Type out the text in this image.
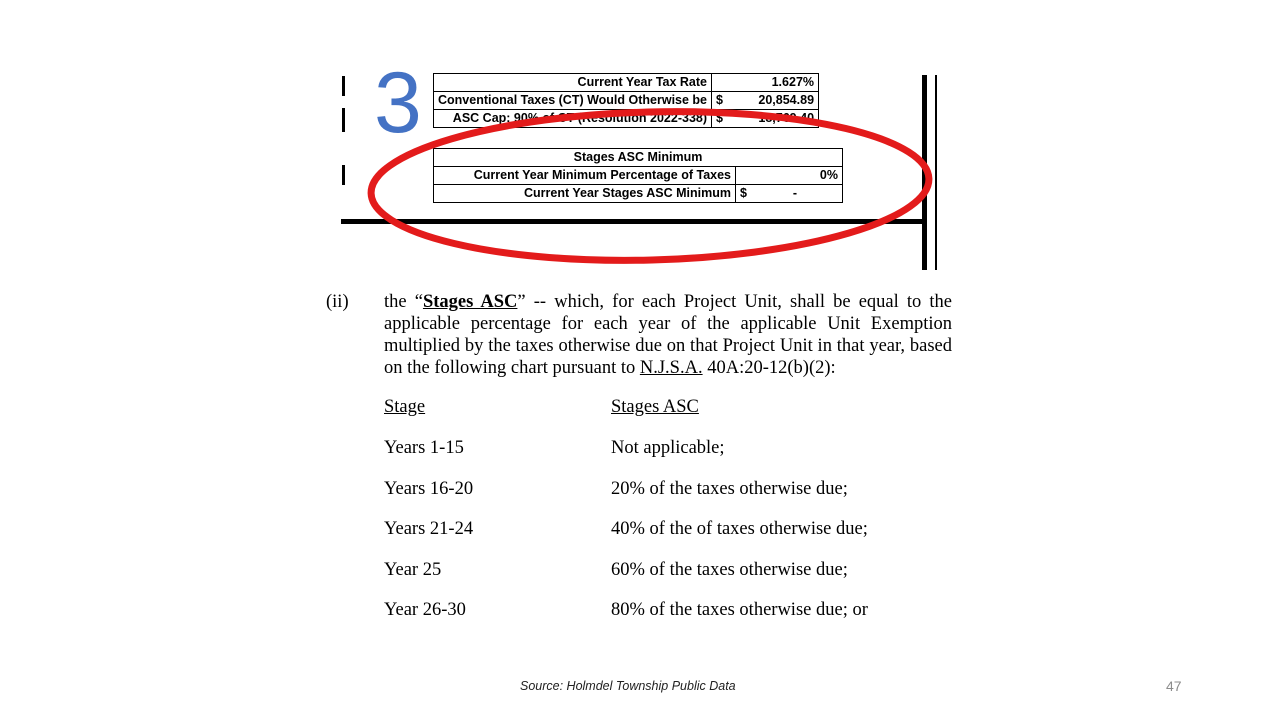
Current Year Tax Rate		1.627%
Conventional Taxes (CT) Would Otherwise be	$	20,854.89
ASC Cap: 90% of CT (Resolution 2022-338)	$	18,769.40
Stages ASC Minimum		
Current Year Minimum Percentage of Taxes		0%
Current Year Stages ASC Minimum	$	-
3
(ii) the “Stages ASC” -- which, for each Project Unit, shall be equal to the applicable percentage for each year of the applicable Unit Exemption multiplied by the taxes otherwise due on that Project Unit in that year, based on the following chart pursuant to N.J.S.A. 40A:20-12(b)(2):
Stage	Stages ASC
Years 1-15	Not applicable;
Years 16-20	20% of the taxes otherwise due;
Years 21-24	40% of the of taxes otherwise due;
Year 25	60% of the taxes otherwise due;
Year 26-30	80% of the taxes otherwise due; or
Source: Holmdel Township Public Data	47
